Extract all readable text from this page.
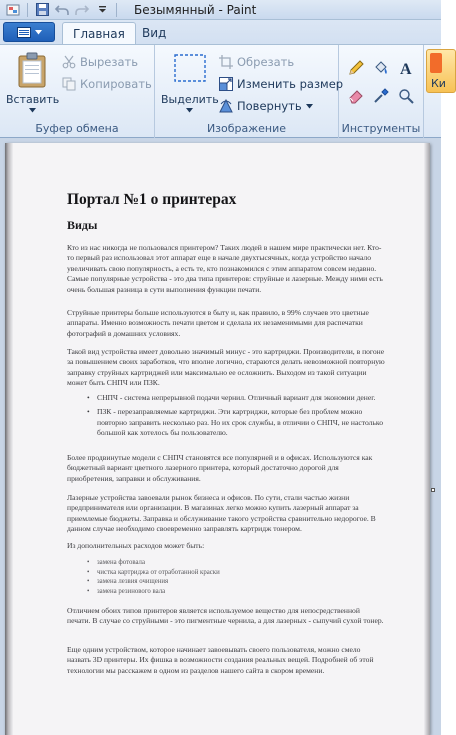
Безымянный - Paint
Главная Вид
Вставить
Вырезать
Копировать
Буфер обмена
Выделить
Обрезать
Изменить размер
Повернуть
Изображение
A
Инструменты
Ки
Портал №1 о принтерах
Виды
Кто из нас никогда не пользовался принтером? Таких людей в нашем мире практически нет. Кто-то первый раз использовал этот аппарат еще в начале двухтысячных, когда устройство начало увеличивать свою популярность, а есть те, кто познакомился с этим аппаратом совсем недавно. Самые популярные устройства - это два типа принтеров: струйные и лазерные. Между ними есть очень большая разница в сути выполнения функции печати.
Струйные принтеры больше используются в быту и, как правило, в 99% случаев это цветные аппараты. Именно возможность печати цветом и сделала их незаменимыми для распечатки фотографий в домашних условиях.
Такой вид устройства имеет довольно значимый минус - это картриджи. Производители, в погоне за повышением своих заработков, что вполне логично, стараются делать невозможной повторную заправку струйных картриджей или максимально ее осложнить. Выходом из такой ситуации может быть СНПЧ или ПЗК.
• СНПЧ - система непрерывной подачи чернил. Отличный вариант для экономии денег.
• ПЗК - перезаправляемые картриджи. Эти картриджи, которые без проблем можно повторно заправить несколько раз. Но их срок службы, в отличии о СНПЧ, не настолько большой как хотелось бы пользователю.
Более продвинутые модели с СНПЧ становятся все популярней и в офисах. Используются как бюджетный вариант цветного лазерного принтера, который достаточно дорогой для приобретения, заправки и обслуживания.
Лазерные устройства завоевали рынок бизнеса и офисов. По сути, стали частью жизни предпринимателя или организации. В магазинах легко можно купить лазерный аппарат за приемлемые бюджеты. Заправка и обслуживание такого устройства сравнительно недорогое. В данном случае необходимо своевременно заправлять картридж тонером.
Из дополнительных расходов может быть:
• замена фотовала
• чистка картриджа от отработанной краски
• замена лезвия очищения
• замена резинового вала
Отличием обоих типов принтеров является используемое вещество для непосредственной печати. В случае со струйными - это пигментные чернила, а для лазерных - сыпучий сухой тонер.
Еще одним устройством, которое начинает завоевывать своего пользователя, можно смело назвать 3D принтеры. Их фишка в возможности создания реальных вещей. Подробней об этой технологии мы расскажем в одном из разделов нашего сайта в скором времени.
